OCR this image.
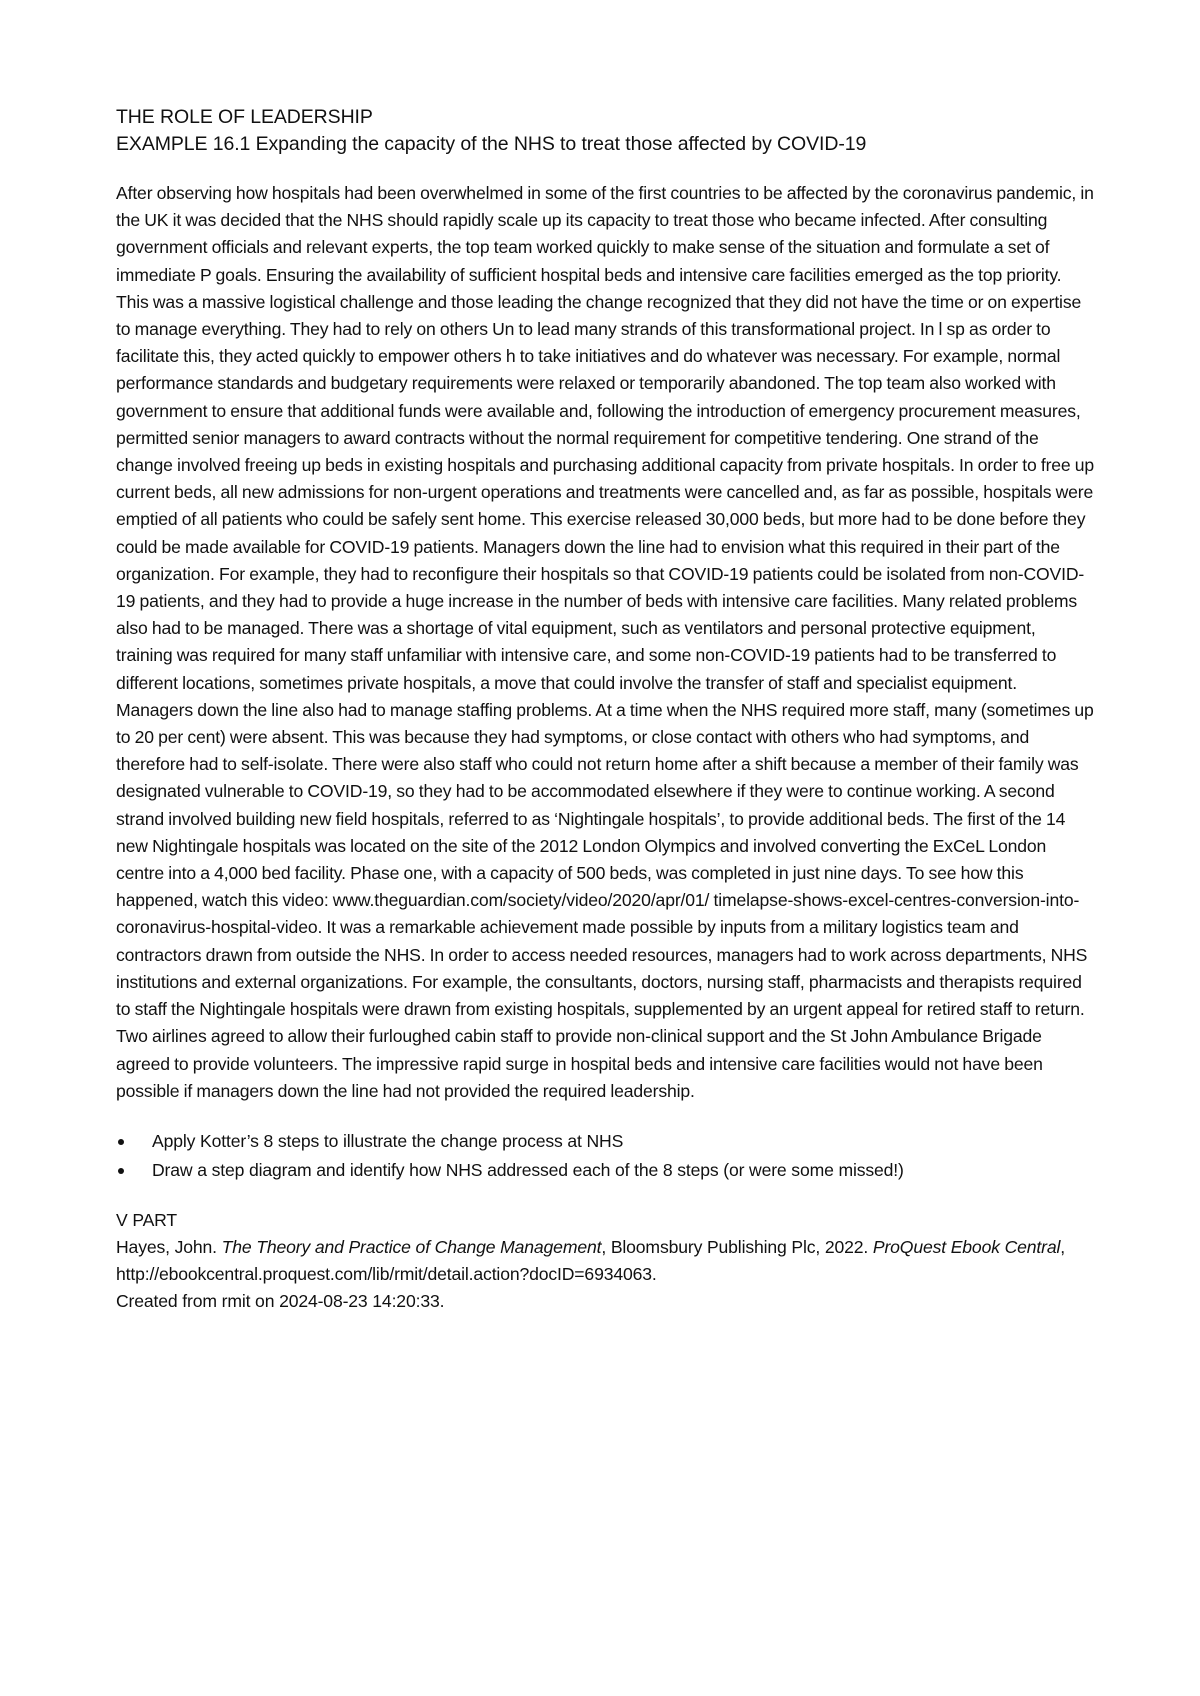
THE ROLE OF LEADERSHIP
EXAMPLE 16.1 Expanding the capacity of the NHS to treat those affected by COVID-19

After observing how hospitals had been overwhelmed in some of the first countries to be affected by the coronavirus pandemic, in the UK it was decided that the NHS should rapidly scale up its capacity to treat those who became infected. After consulting government officials and relevant experts, the top team worked quickly to make sense of the situation and formulate a set of immediate P goals. Ensuring the availability of sufficient hospital beds and intensive care facilities emerged as the top priority. This was a massive logistical challenge and those leading the change recognized that they did not have the time or on expertise to manage everything. They had to rely on others Un to lead many strands of this transformational project. In l sp as order to facilitate this, they acted quickly to empower others h to take initiatives and do whatever was necessary. For example, normal performance standards and budgetary requirements were relaxed or temporarily abandoned. The top team also worked with government to ensure that additional funds were available and, following the introduction of emergency procurement measures, permitted senior managers to award contracts without the normal requirement for competitive tendering. One strand of the change involved freeing up beds in existing hospitals and purchasing additional capacity from private hospitals. In order to free up current beds, all new admissions for non-urgent operations and treatments were cancelled and, as far as possible, hospitals were emptied of all patients who could be safely sent home. This exercise released 30,000 beds, but more had to be done before they could be made available for COVID-19 patients. Managers down the line had to envision what this required in their part of the organization. For example, they had to reconfigure their hospitals so that COVID-19 patients could be isolated from non-COVID-19 patients, and they had to provide a huge increase in the number of beds with intensive care facilities. Many related problems also had to be managed. There was a shortage of vital equipment, such as ventilators and personal protective equipment, training was required for many staff unfamiliar with intensive care, and some non-COVID-19 patients had to be transferred to different locations, sometimes private hospitals, a move that could involve the transfer of staff and specialist equipment. Managers down the line also had to manage staffing problems. At a time when the NHS required more staff, many (sometimes up to 20 per cent) were absent. This was because they had symptoms, or close contact with others who had symptoms, and therefore had to self-isolate. There were also staff who could not return home after a shift because a member of their family was designated vulnerable to COVID-19, so they had to be accommodated elsewhere if they were to continue working. A second strand involved building new field hospitals, referred to as ‘Nightingale hospitals’, to provide additional beds. The first of the 14 new Nightingale hospitals was located on the site of the 2012 London Olympics and involved converting the ExCeL London centre into a 4,000 bed facility. Phase one, with a capacity of 500 beds, was completed in just nine days. To see how this happened, watch this video: www.theguardian.com/society/video/2020/apr/01/ timelapse-shows-excel-centres-conversion-into-coronavirus-hospital-video. It was a remarkable achievement made possible by inputs from a military logistics team and contractors drawn from outside the NHS. In order to access needed resources, managers had to work across departments, NHS institutions and external organizations. For example, the consultants, doctors, nursing staff, pharmacists and therapists required to staff the Nightingale hospitals were drawn from existing hospitals, supplemented by an urgent appeal for retired staff to return. Two airlines agreed to allow their furloughed cabin staff to provide non-clinical support and the St John Ambulance Brigade agreed to provide volunteers. The impressive rapid surge in hospital beds and intensive care facilities would not have been possible if managers down the line had not provided the required leadership.

Apply Kotter’s 8 steps to illustrate the change process at NHS
Draw a step diagram and identify how NHS addressed each of the 8 steps (or were some missed!)
V PART
Hayes, John. The Theory and Practice of Change Management, Bloomsbury Publishing Plc, 2022. ProQuest Ebook Central, http://ebookcentral.proquest.com/lib/rmit/detail.action?docID=6934063.
Created from rmit on 2024-08-23 14:20:33.
